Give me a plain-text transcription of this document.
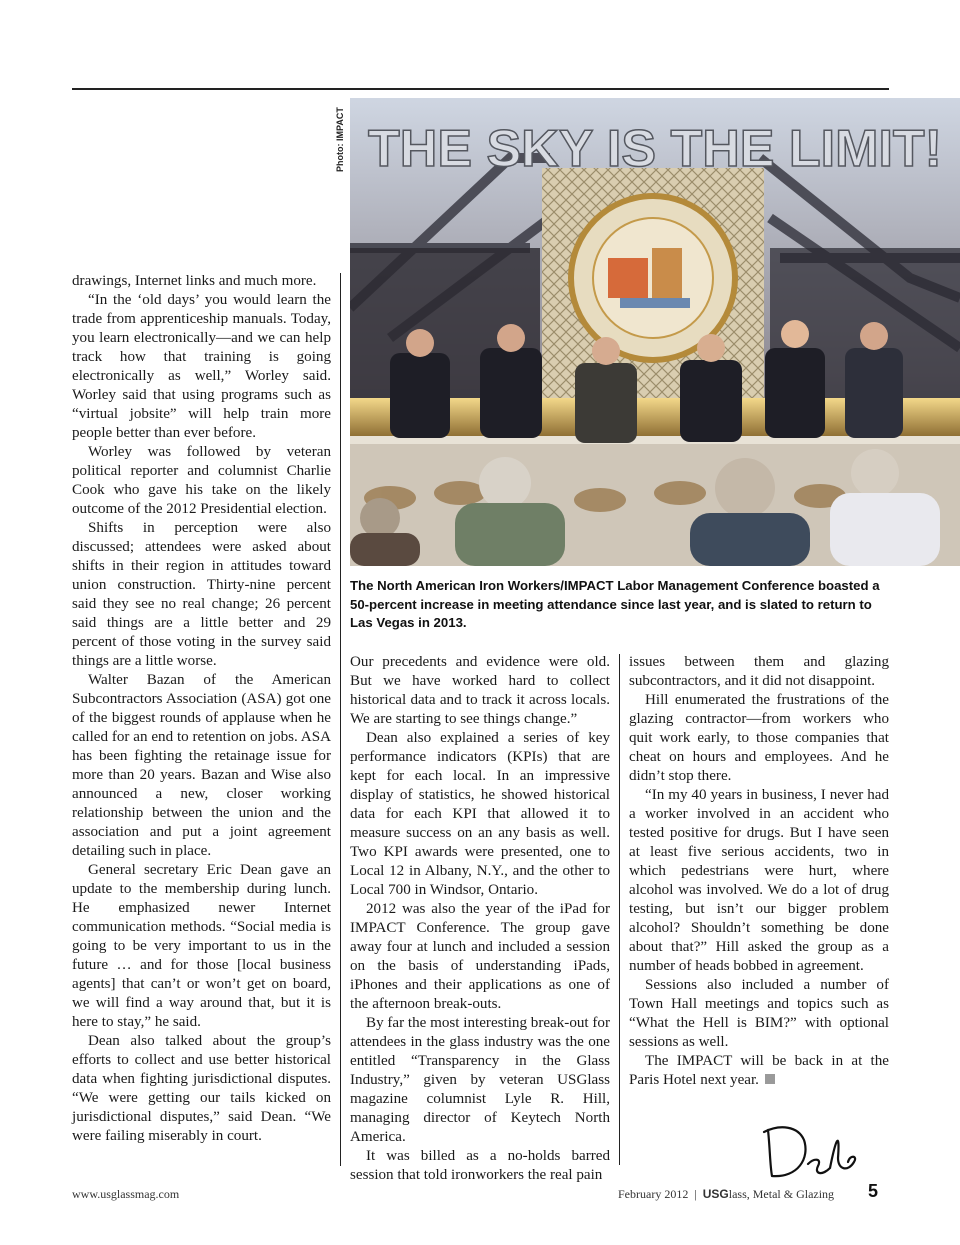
Photo: IMPACT THE SKY IS THE LIMIT!
The North American Iron Workers/IMPACT Labor Management Conference boasted a 50-percent increase in meeting attendance since last year, and is slated to return to Las Vegas in 2013.

drawings, Internet links and much more.

“In the ‘old days’ you would learn the trade from apprenticeship manuals. Today, you learn electronically—and we can help track how that training is going electronically as well,” Worley said. Worley said that using programs such as “virtual jobsite” will help train more people better than ever before.

Worley was followed by veteran political reporter and columnist Charlie Cook who gave his take on the likely outcome of the 2012 Presidential election.

Shifts in perception were also discussed; attendees were asked about shifts in their region in attitudes toward union construction. Thirty-nine percent said they see no real change; 26 percent said things are a little better and 29 percent of those voting in the survey said things are a little worse.

Walter Bazan of the American Subcontractors Association (ASA) got one of the biggest rounds of applause when he called for an end to retention on jobs. ASA has been fighting the retainage issue for more than 20 years. Bazan and Wise also announced a new, closer working relationship between the union and the association and put a joint agreement detailing such in place.

General secretary Eric Dean gave an update to the membership during lunch. He emphasized newer Internet communication methods. “Social media is going to be very important to us in the future … and for those [local business agents] that can’t or won’t get on board, we will find a way around that, but it is here to stay,” he said.

Dean also talked about the group’s efforts to collect and use better historical data when fighting jurisdictional disputes. “We were getting our tails kicked on jurisdictional disputes,” said Dean. “We were failing miserably in court.

Our precedents and evidence were old. But we have worked hard to collect historical data and to track it across locals. We are starting to see things change.”

Dean also explained a series of key performance indicators (KPIs) that are kept for each local. In an impressive display of statistics, he showed historical data for each KPI that allowed it to measure success on an any basis as well. Two KPI awards were presented, one to Local 12 in Albany, N.Y., and the other to Local 700 in Windsor, Ontario.

2012 was also the year of the iPad for IMPACT Conference. The group gave away four at lunch and included a session on the basis of understanding iPads, iPhones and their applications as one of the afternoon break-outs.

By far the most interesting break-out for attendees in the glass industry was the one entitled “Transparency in the Glass Industry,” given by veteran USGlass magazine columnist Lyle R. Hill, managing director of Keytech North America.

It was billed as a no-holds barred session that told ironworkers the real pain

issues between them and glazing subcontractors, and it did not disappoint.

Hill enumerated the frustrations of the glazing contractor—from workers who quit work early, to those companies that cheat on hours and employees. And he didn’t stop there.

“In my 40 years in business, I never had a worker involved in an accident who tested positive for drugs. But I have seen at least five serious accidents, two in which pedestrians were hurt, where alcohol was involved. We do a lot of drug testing, but isn’t our bigger problem alcohol? Shouldn’t something be done about that?” Hill asked the group as a number of heads bobbed in agreement.

Sessions also included a number of Town Hall meetings and topics such as “What the Hell is BIM?” with optional sessions as well.

The IMPACT will be back in at the Paris Hotel next year.

www.usglassmag.com	February 2012 | USGlass, Metal & Glazing 5
